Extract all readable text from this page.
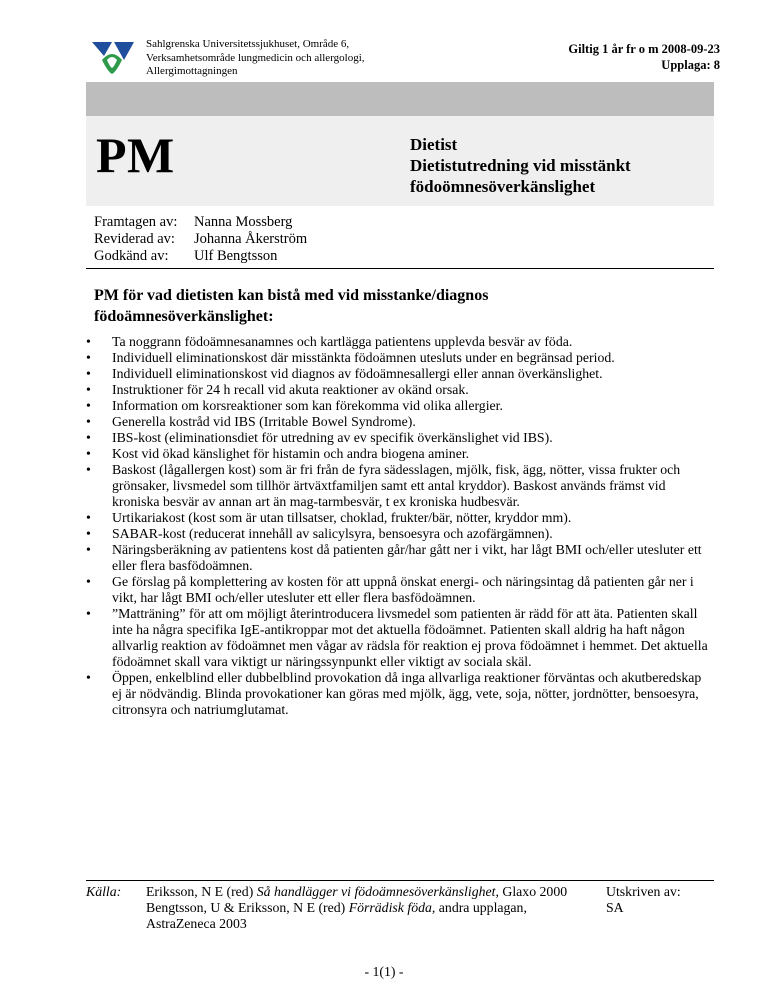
Sahlgrenska Universitetssjukhuset, Område 6,
Verksamhetsområde lungmedicin och allergologi,
Allergimottagningen
Giltig 1 år fr o m 2008-09-23
Upplaga: 8
PM	Dietist
Dietistutredning vid misstänkt
födoömnesöverkänslighet
Framtagen av:	Nanna Mossberg
Reviderad av:	Johanna Åkerström
Godkänd av:	Ulf Bengtsson
PM för vad dietisten kan bistå med vid misstanke/diagnos
födoämnesöverkänslighet:
• Ta noggrann födoämnesanamnes och kartlägga patientens upplevda besvär av föda.
• Individuell eliminationskost där misstänkta födoämnen utesluts under en begränsad period.
• Individuell eliminationskost vid diagnos av födoämnesallergi eller annan överkänslighet.
• Instruktioner för 24 h recall vid akuta reaktioner av okänd orsak.
• Information om korsreaktioner som kan förekomma vid olika allergier.
• Generella kostråd vid IBS (Irritable Bowel Syndrome).
• IBS-kost (eliminationsdiet för utredning av ev specifik överkänslighet vid IBS).
• Kost vid ökad känslighet för histamin och andra biogena aminer.
• Baskost (lågallergen kost) som är fri från de fyra sädesslagen, mjölk, fisk, ägg, nötter, vissa frukter och grönsaker, livsmedel som tillhör ärtväxtfamiljen samt ett antal kryddor). Baskost används främst vid kroniska besvär av annan art än mag-tarmbesvär, t ex kroniska hudbesvär.
• Urtikariakost (kost som är utan tillsatser, choklad, frukter/bär, nötter, kryddor mm).
• SABAR-kost (reducerat innehåll av salicylsyra, bensoesyra och azofärgämnen).
• Näringsberäkning av patientens kost då patienten går/har gått ner i vikt, har lågt BMI och/eller utesluter ett eller flera basfödoämnen.
• Ge förslag på komplettering av kosten för att uppnå önskat energi- och näringsintag då patienten går ner i vikt, har lågt BMI och/eller utesluter ett eller flera basfödoämnen.
• ”Matträning” för att om möjligt återintroducera livsmedel som patienten är rädd för att äta. Patienten skall inte ha några specifika IgE-antikroppar mot det aktuella födoämnet. Patienten skall aldrig ha haft någon allvarlig reaktion av födoämnet men vågar av rädsla för reaktion ej prova födoämnet i hemmet. Det aktuella födoämnet skall vara viktigt ur näringssynpunkt eller viktigt av sociala skäl.
• Öppen, enkelblind eller dubbelblind provokation då inga allvarliga reaktioner förväntas och akutberedskap ej är nödvändig. Blinda provokationer kan göras med mjölk, ägg, vete, soja, nötter, jordnötter, bensoesyra, citronsyra och natriumglutamat.
Källa: Eriksson, N E (red) Så handlägger vi födoämnesöverkänslighet, Glaxo 2000
Bengtsson, U & Eriksson, N E (red) Förrädisk föda, andra upplagan, AstraZeneca 2003
Utskriven av:
SA
- 1(1) -
